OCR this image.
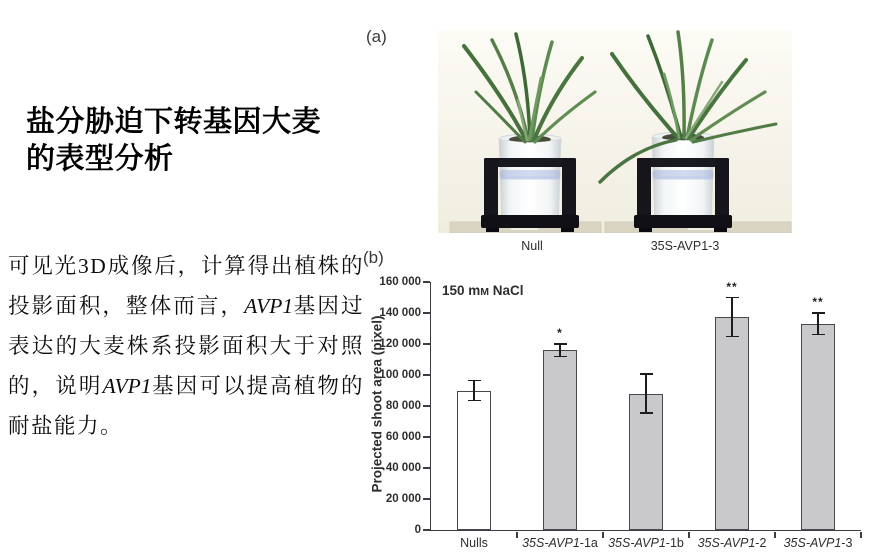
盐分胁迫下转基因大麦
的表型分析
可见光3D成像后，计算得出植株的投影面积，整体而言，AVP1基因过表达的大麦株系投影面积大于对照的，说明AVP1基因可以提高植物的耐盐能力。
(a)
Null	35S-AVP1-3
(b)
Projected shoot area (pixel)
150 mM NaCl
0
20 000
40 000
60 000
80 000
100 000
120 000
140 000
160 000
Nulls
*
35S-AVP1-1a 35S-AVP1-1b
**
35S-AVP1-2
**
35S-AVP1-3
